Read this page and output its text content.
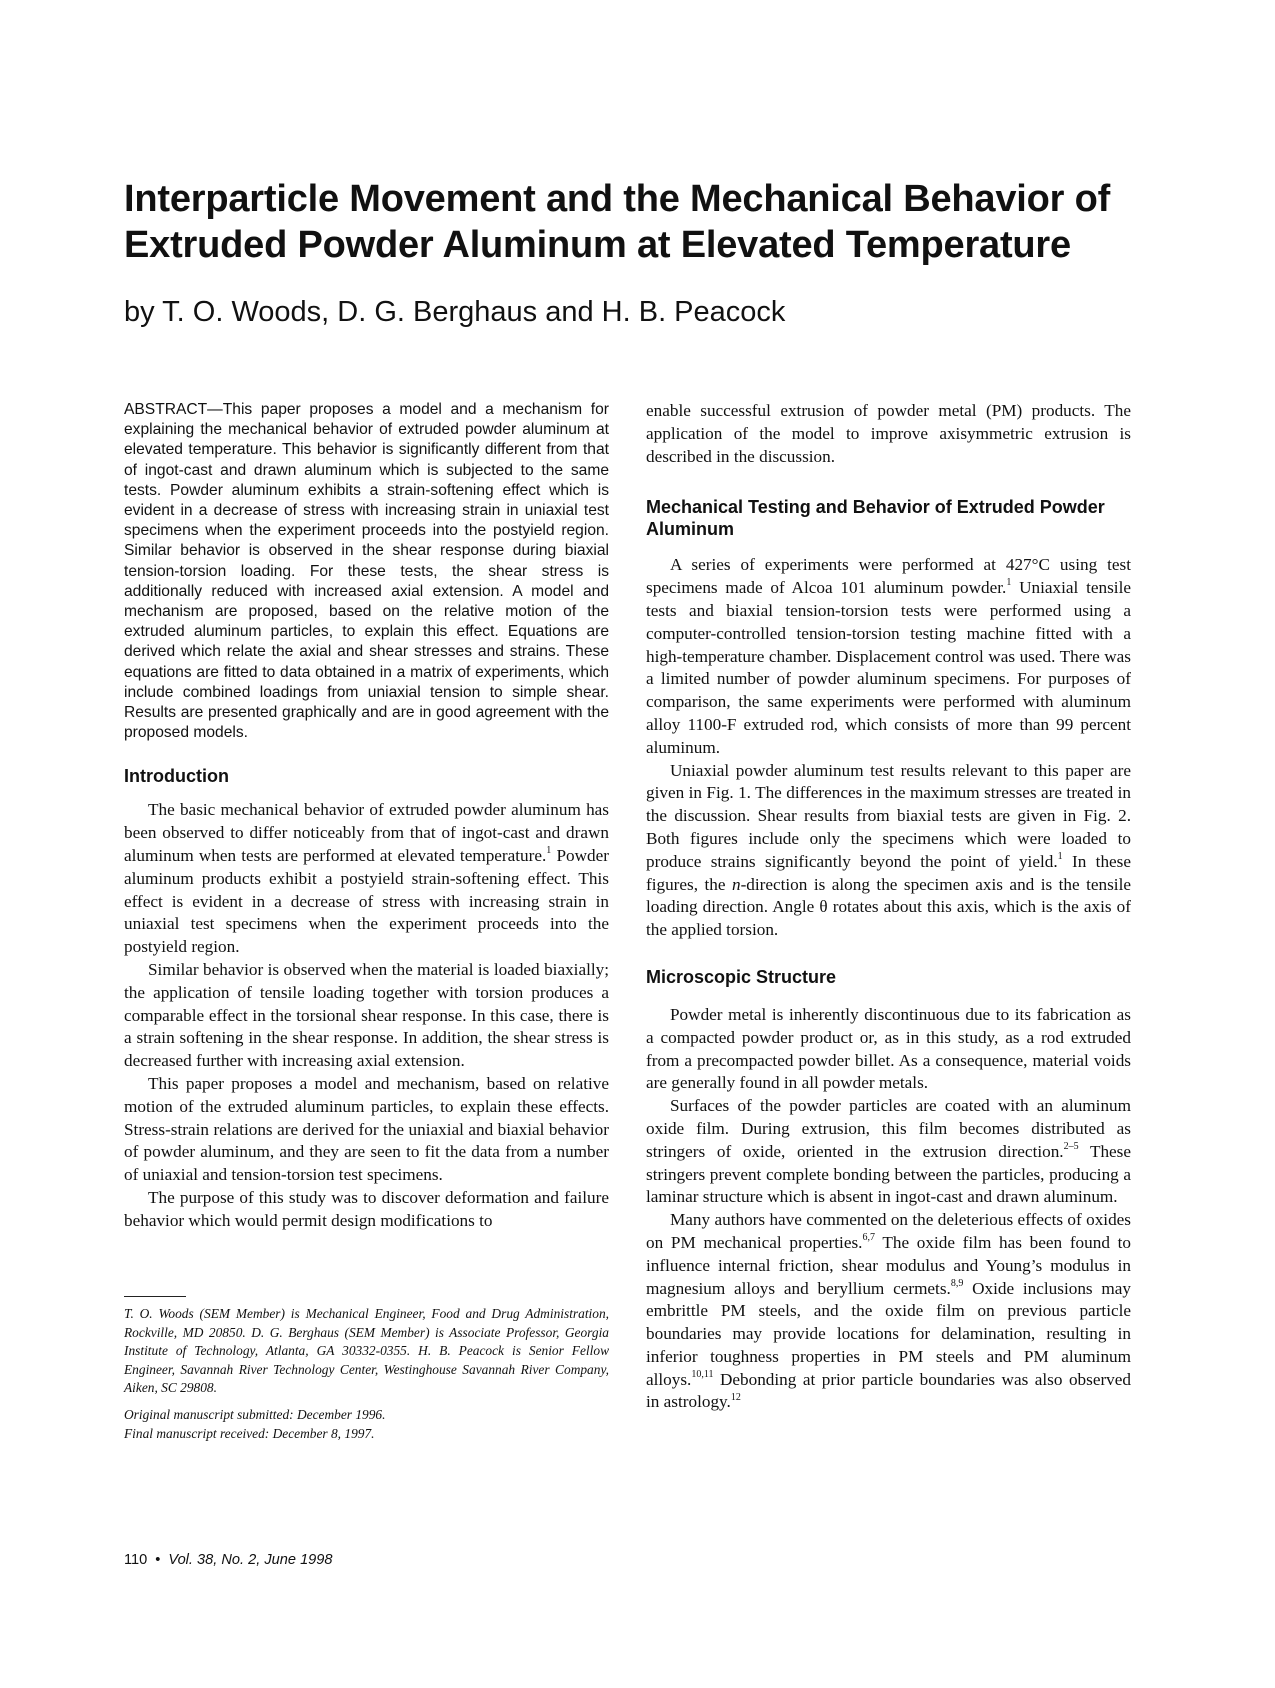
Interparticle Movement and the Mechanical Behavior of Extruded Powder Aluminum at Elevated Temperature

by T. O. Woods, D. G. Berghaus and H. B. Peacock

ABSTRACT—This paper proposes a model and a mechanism for explaining the mechanical behavior of extruded powder aluminum at elevated temperature. This behavior is significantly different from that of ingot-cast and drawn aluminum which is subjected to the same tests. Powder aluminum exhibits a strain-softening effect which is evident in a decrease of stress with increasing strain in uniaxial test specimens when the experiment proceeds into the postyield region. Similar behavior is observed in the shear response during biaxial tension-torsion loading. For these tests, the shear stress is additionally reduced with increased axial extension. A model and mechanism are proposed, based on the relative motion of the extruded aluminum particles, to explain this effect. Equations are derived which relate the axial and shear stresses and strains. These equations are fitted to data obtained in a matrix of experiments, which include combined loadings from uniaxial tension to simple shear. Results are presented graphically and are in good agreement with the proposed models.

Introduction

The basic mechanical behavior of extruded powder aluminum has been observed to differ noticeably from that of ingot-cast and drawn aluminum when tests are performed at elevated temperature.$^1$ Powder aluminum products exhibit a postyield strain-softening effect. This effect is evident in a decrease of stress with increasing strain in uniaxial test specimens when the experiment proceeds into the postyield region.

Similar behavior is observed when the material is loaded biaxially; the application of tensile loading together with torsion produces a comparable effect in the torsional shear response. In this case, there is a strain softening in the shear response. In addition, the shear stress is decreased further with increasing axial extension.

This paper proposes a model and mechanism, based on relative motion of the extruded aluminum particles, to explain these effects. Stress-strain relations are derived for the uniaxial and biaxial behavior of powder aluminum, and they are seen to fit the data from a number of uniaxial and tension-torsion test specimens.

The purpose of this study was to discover deformation and failure behavior which would permit design modifications to

T. O. Woods (SEM Member) is Mechanical Engineer, Food and Drug Administration, Rockville, MD 20850. D. G. Berghaus (SEM Member) is Associate Professor, Georgia Institute of Technology, Atlanta, GA 30332-0355. H. B. Peacock is Senior Fellow Engineer, Savannah River Technology Center, Westinghouse Savannah River Company, Aiken, SC 29808.

Original manuscript submitted: December 1996.

Final manuscript received: December 8, 1997.

enable successful extrusion of powder metal (PM) products. The application of the model to improve axisymmetric extrusion is described in the discussion.

Mechanical Testing and Behavior of Extruded Powder Aluminum

A series of experiments were performed at 427°C using test specimens made of Alcoa 101 aluminum powder.$^1$ Uniaxial tensile tests and biaxial tension-torsion tests were performed using a computer-controlled tension-torsion testing machine fitted with a high-temperature chamber. Displacement control was used. There was a limited number of powder aluminum specimens. For purposes of comparison, the same experiments were performed with aluminum alloy 1100-F extruded rod, which consists of more than 99 percent aluminum.

Uniaxial powder aluminum test results relevant to this paper are given in Fig. 1. The differences in the maximum stresses are treated in the discussion. Shear results from biaxial tests are given in Fig. 2. Both figures include only the specimens which were loaded to produce strains significantly beyond the point of yield.$^1$ In these figures, the n-direction is along the specimen axis and is the tensile loading direction. Angle θ rotates about this axis, which is the axis of the applied torsion.

Microscopic Structure

Powder metal is inherently discontinuous due to its fabrication as a compacted powder product or, as in this study, as a rod extruded from a precompacted powder billet. As a consequence, material voids are generally found in all powder metals.

Surfaces of the powder particles are coated with an aluminum oxide film. During extrusion, this film becomes distributed as stringers of oxide, oriented in the extrusion direction.$^{2-5}$ These stringers prevent complete bonding between the particles, producing a laminar structure which is absent in ingot-cast and drawn aluminum.

Many authors have commented on the deleterious effects of oxides on PM mechanical properties.$^{6,7}$ The oxide film has been found to influence internal friction, shear modulus and Young’s modulus in magnesium alloys and beryllium cermets.$^{8,9}$ Oxide inclusions may embrittle PM steels, and the oxide film on previous particle boundaries may provide locations for delamination, resulting in inferior toughness properties in PM steels and PM aluminum alloys.$^{10,11}$ Debonding at prior particle boundaries was also observed in astrology.$^{12}$

110 • Vol. 38, No. 2, June 1998
